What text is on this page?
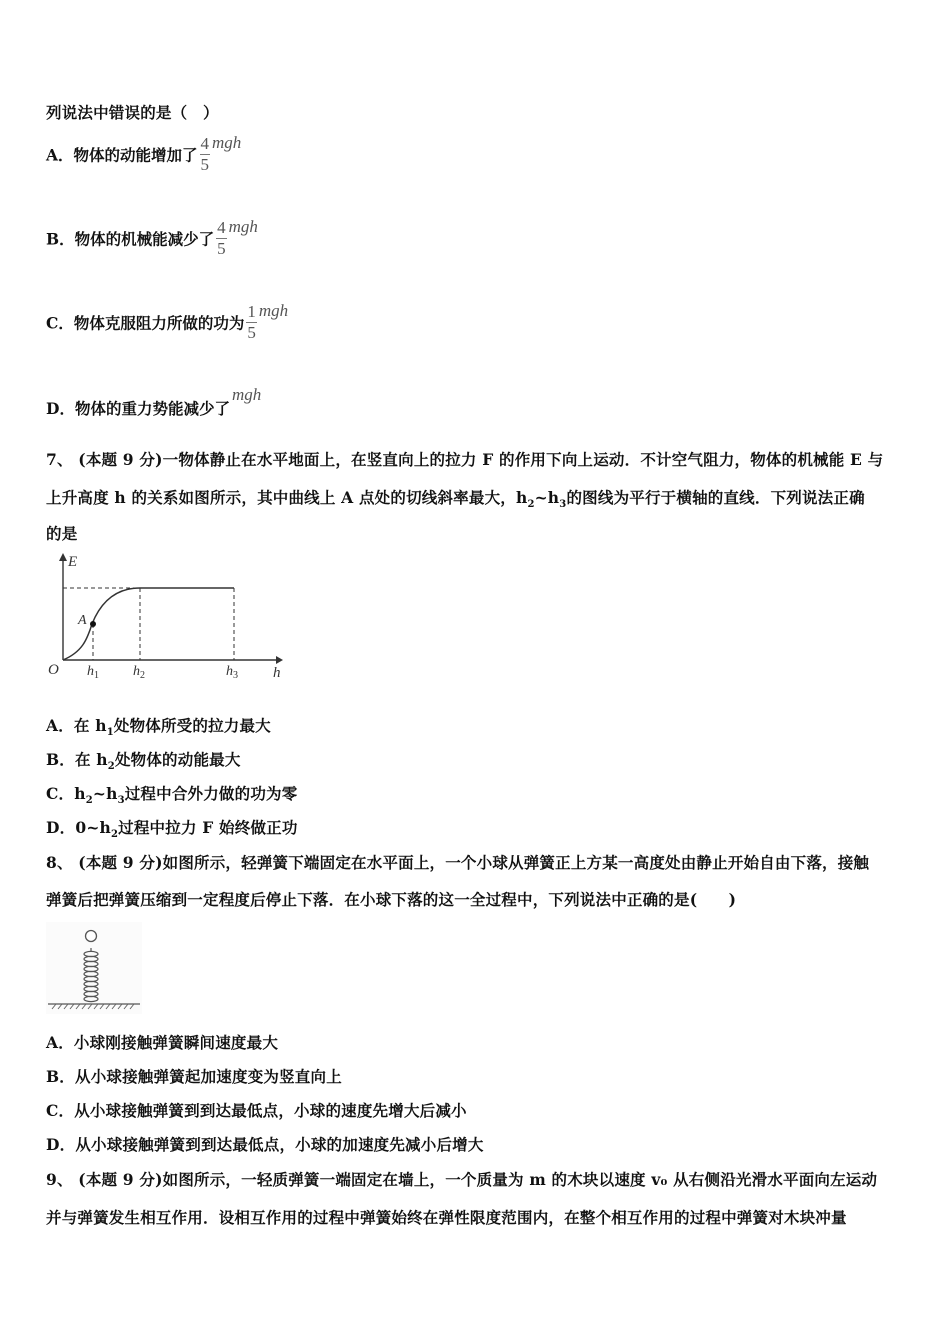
列说法中错误的是（　）
A．物体的动能增加了 $\frac{4}{5}$ mgh
B．物体的机械能减少了 $\frac{4}{5}$ mgh
C．物体克服阻力所做的功为 $\frac{1}{5}$ mgh
D．物体的重力势能减少了mgh
7、 (本题 9 分)一物体静止在水平地面上，在竖直向上的拉力 F 的作用下向上运动．不计空气阻力，物体的机械能 E 与
上升高度 h 的关系如图所示，其中曲线上 A 点处的切线斜率最大，$h_2\sim h_3$的图线为平行于横轴的直线．下列说法正确
的是
E
h
O
A
$h_1$ $h_2$	$h_3$
A．在 $h_1$处物体所受的拉力最大
B．在 $h_2$处物体的动能最大
C．$h_2\sim h_3$过程中合外力做的功为零
D．$0\sim h_2$过程中拉力 F 始终做正功
8、 (本题 9 分)如图所示，轻弹簧下端固定在水平面上，一个小球从弹簧正上方某一高度处由静止开始自由下落，接触
弹簧后把弹簧压缩到一定程度后停止下落．在小球下落的这一全过程中，下列说法中正确的是(　　)
A．小球刚接触弹簧瞬间速度最大
B．从小球接触弹簧起加速度变为竖直向上
C．从小球接触弹簧到到达最低点，小球的速度先增大后减小
D．从小球接触弹簧到到达最低点，小球的加速度先减小后增大
9、 (本题 9 分)如图所示，一轻质弹簧一端固定在墙上，一个质量为 m 的木块以速度 v₀ 从右侧沿光滑水平面向左运动
并与弹簧发生相互作用．设相互作用的过程中弹簧始终在弹性限度范围内，在整个相互作用的过程中弹簧对木块冲量
